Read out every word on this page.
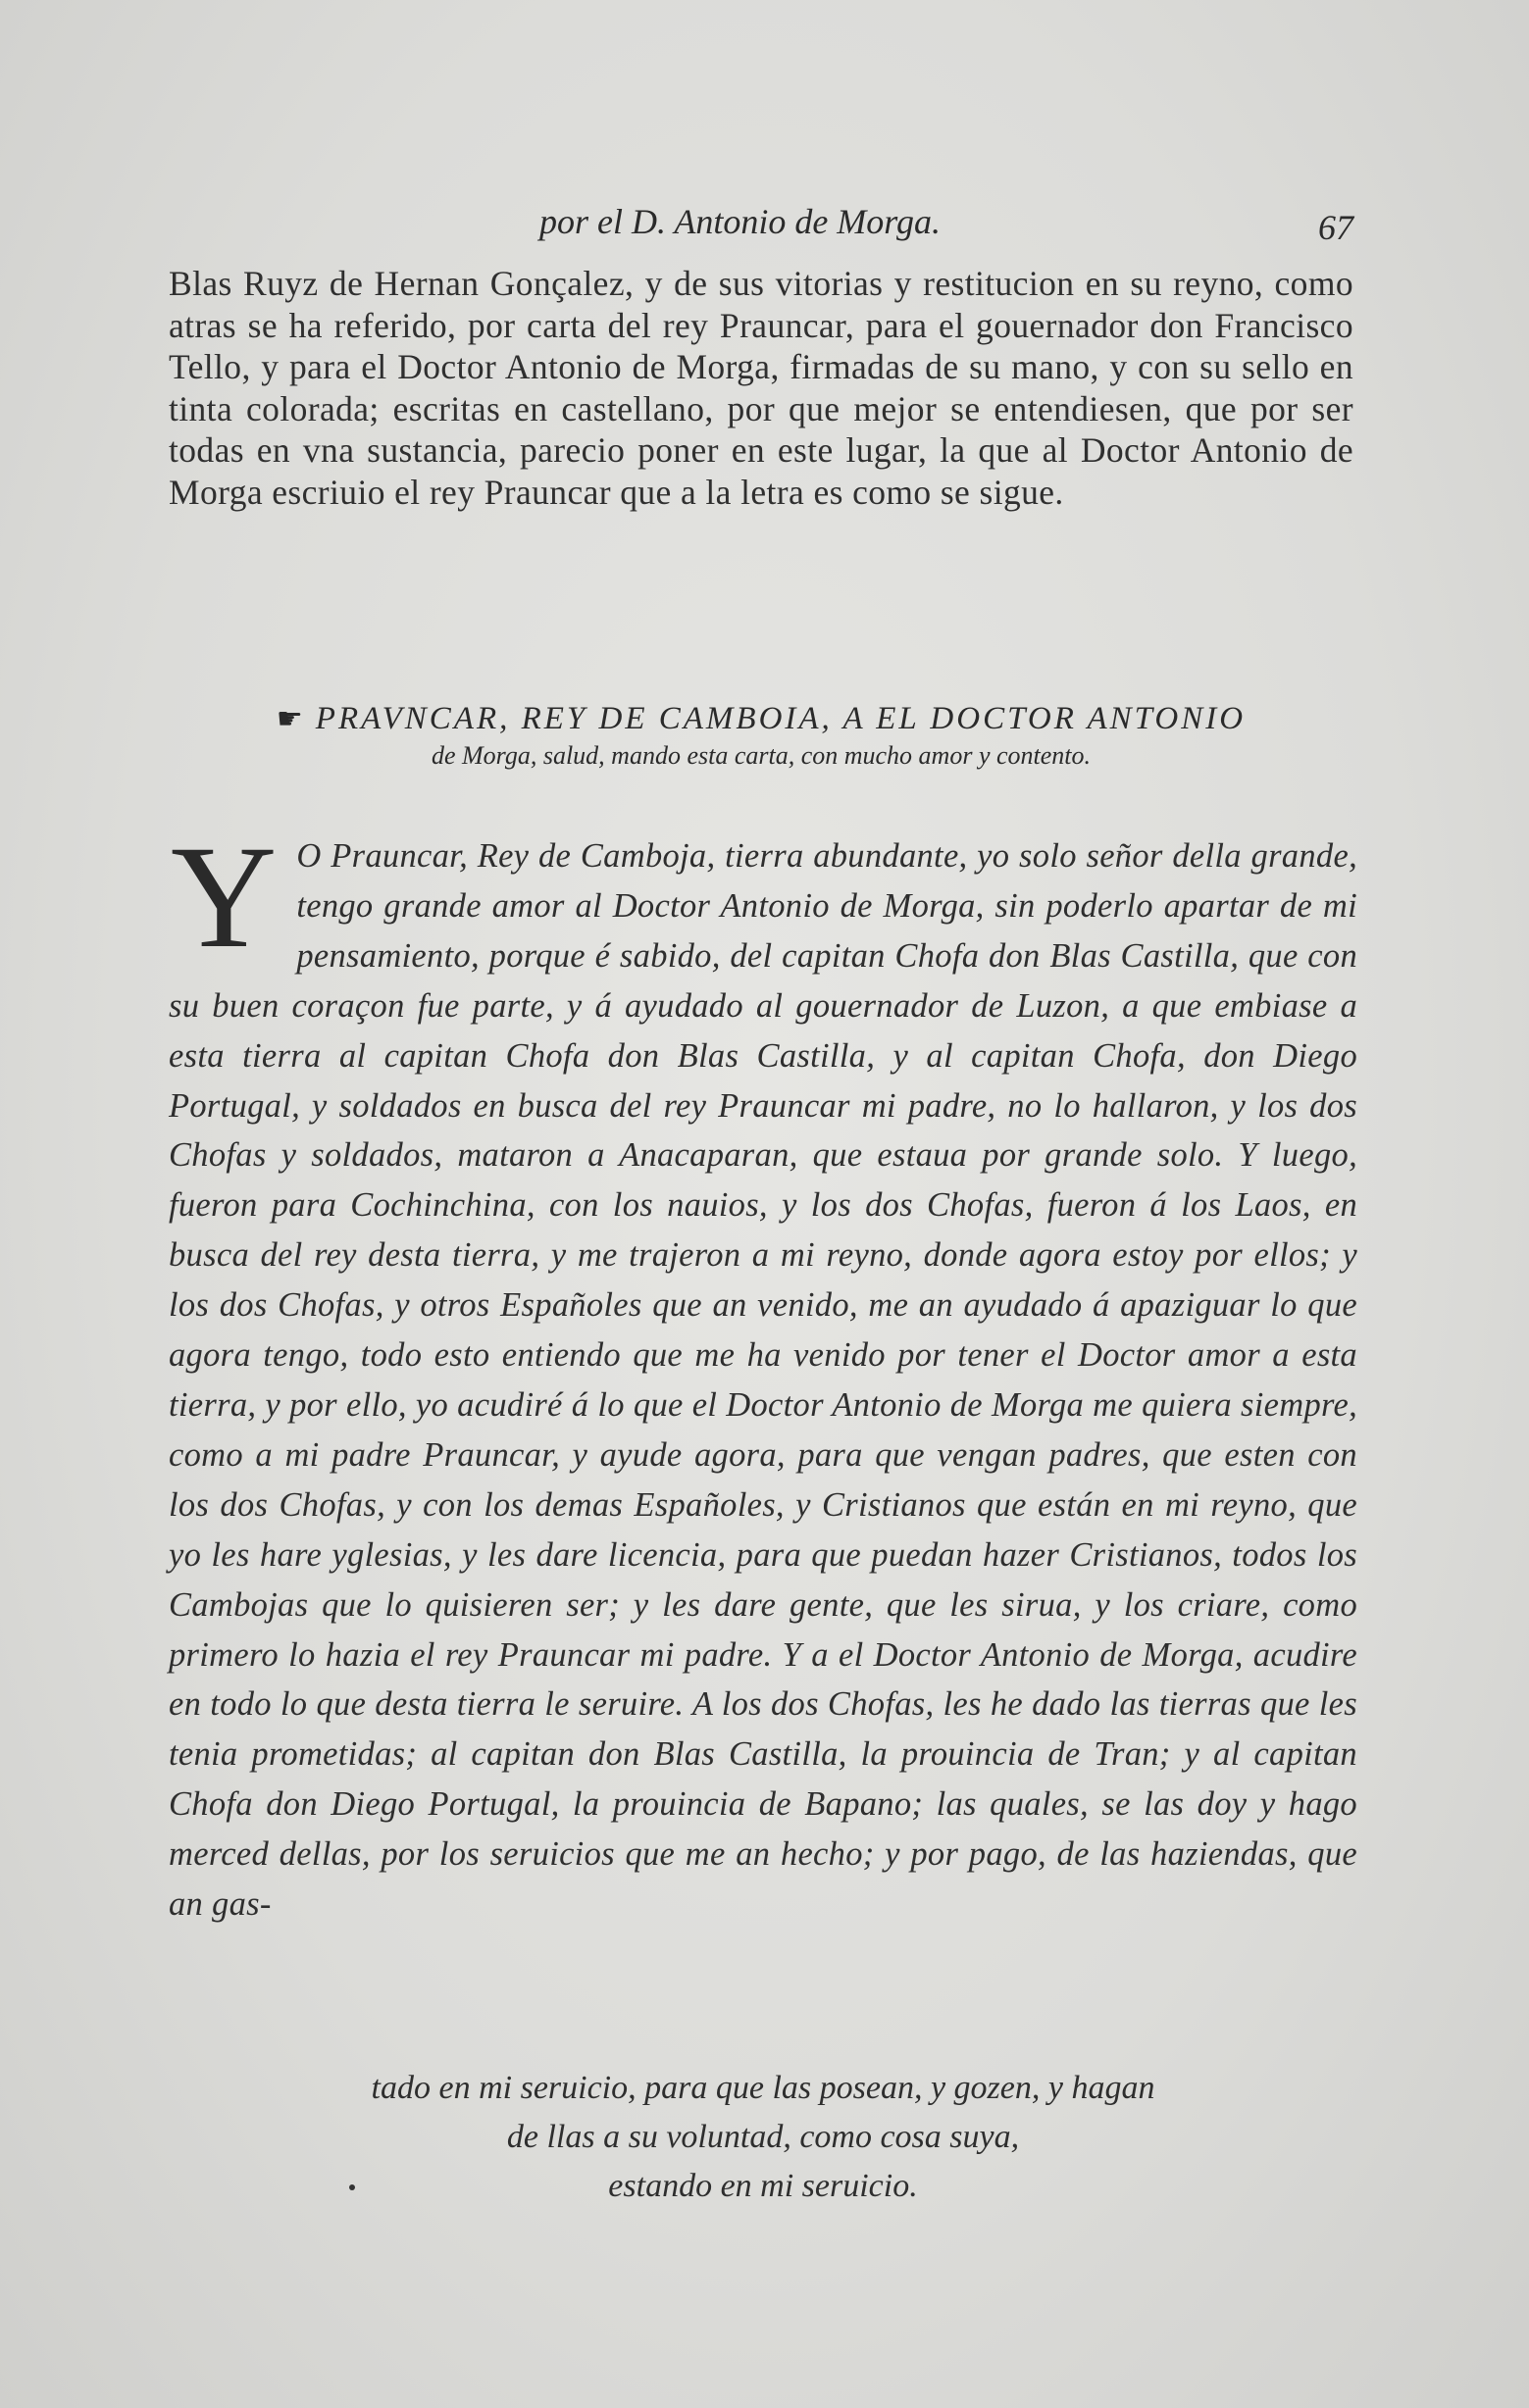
por el D. Antonio de Morga.	67

Blas Ruyz de Hernan Gonçalez, y de sus vitorias y restitucion en su reyno, como atras se ha referido, por carta del rey Prauncar, para el gouernador don Francisco Tello, y para el Doctor Antonio de Morga, firmadas de su mano, y con su sello en tinta colorada; escritas en castellano, por que mejor se entendiesen, que por ser todas en vna sustancia, parecio poner en este lugar, la que al Doctor Antonio de Morga escriuio el rey Prauncar que a la letra es como se sigue.

☛ PRAVNCAR, REY DE CAMBOIA, A EL DOCTOR ANTONIO
de Morga, salud, mando esta carta, con mucho amor y contento.
Y O Prauncar, Rey de Camboja, tierra abundante, yo solo señor della grande, tengo grande amor al Doctor Antonio de Morga, sin poderlo apartar de mi pensamiento, porque é sabido, del capitan Chofa don Blas Castilla, que con su buen coraçon fue parte, y á ayudado al gouernador de Luzon, a que embiase a esta tierra al capitan Chofa don Blas Castilla, y al capitan Chofa, don Diego Portugal, y soldados en busca del rey Prauncar mi padre, no lo hallaron, y los dos Chofas y soldados, mataron a Anacaparan, que estaua por grande solo. Y luego, fueron para Cochinchina, con los nauios, y los dos Chofas, fueron á los Laos, en busca del rey desta tierra, y me trajeron a mi reyno, donde agora estoy por ellos; y los dos Chofas, y otros Españoles que an venido, me an ayudado á apaziguar lo que agora tengo, todo esto entiendo que me ha venido por tener el Doctor amor a esta tierra, y por ello, yo acudiré á lo que el Doctor Antonio de Morga me quiera siempre, como a mi padre Prauncar, y ayude agora, para que vengan padres, que esten con los dos Chofas, y con los demas Españoles, y Cristianos que están en mi reyno, que yo les hare yglesias, y les dare licencia, para que puedan hazer Cristianos, todos los Cambojas que lo quisieren ser; y les dare gente, que les sirua, y los criare, como primero lo hazia el rey Prauncar mi padre. Y a el Doctor Antonio de Morga, acudire en todo lo que desta tierra le seruire. A los dos Chofas, les he dado las tierras que les tenia prometidas; al capitan don Blas Castilla, la prouincia de Tran; y al capitan Chofa don Diego Portugal, la prouincia de Bapano; las quales, se las doy y hago merced dellas, por los seruicios que me an hecho; y por pago, de las haziendas, que an gas-

tado en mi seruicio, para que las posean, y gozen, y hagan
de llas a su voluntad, como cosa suya,
estando en mi seruicio.
